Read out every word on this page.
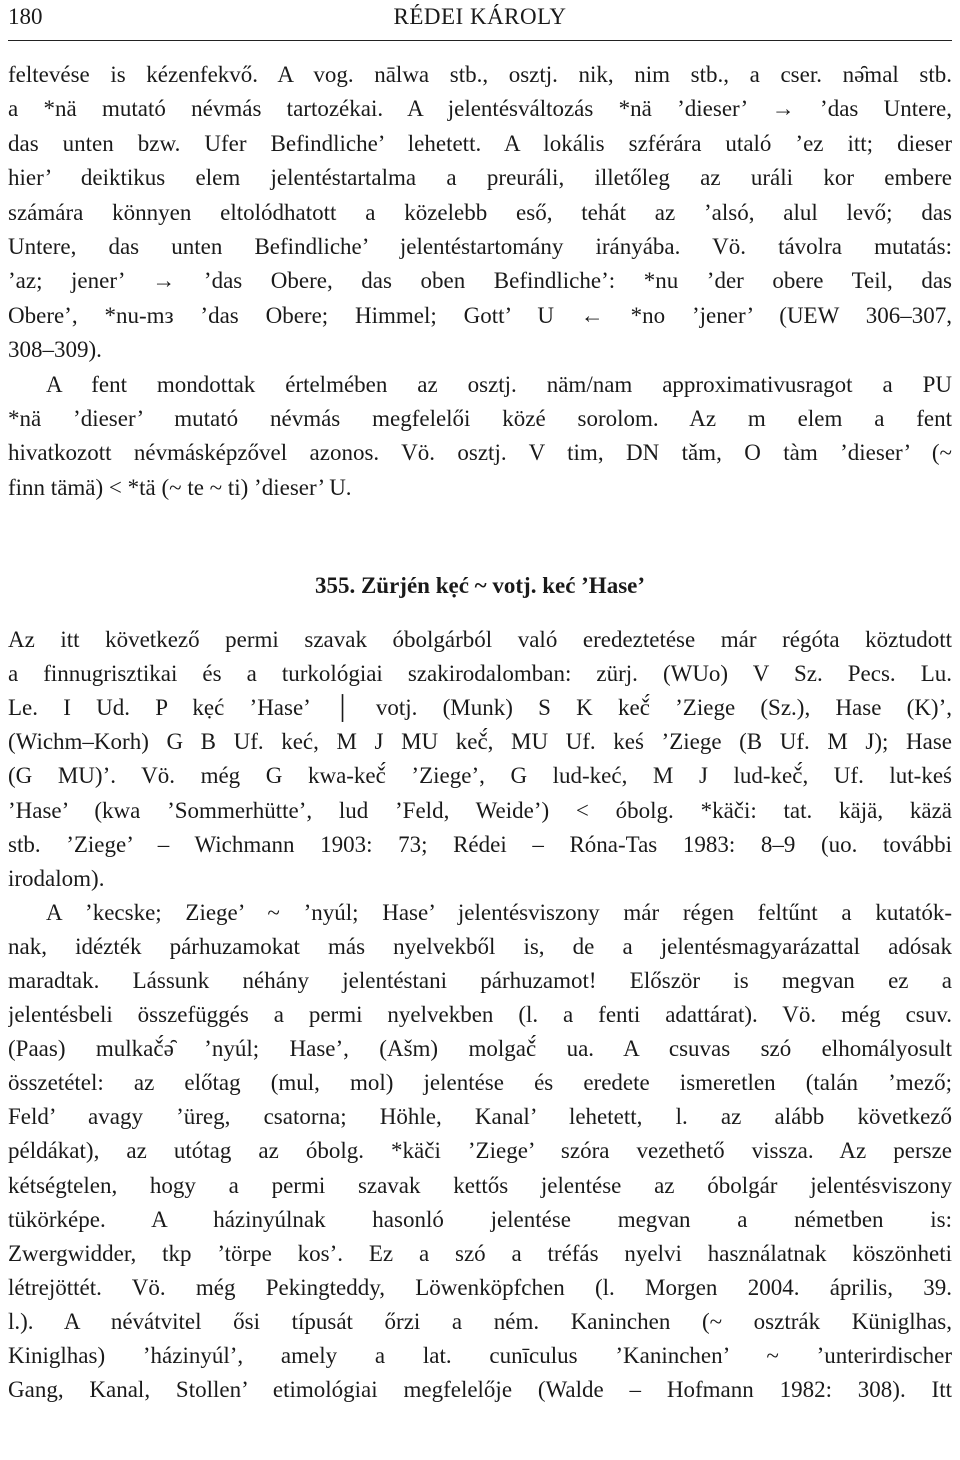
180	RÉDEI KÁROLY
feltevése is kézenfekvő. A vog. nālwa stb., osztj. nik, nim stb., a cser. nə̑mal stb.
a *nä mutató névmás tartozékai. A jelentésváltozás *nä ’dieser’ → ’das Untere,
das unten bzw. Ufer Befindliche’ lehetett. A lokális szférára utaló ’ez itt; dieser
hier’ deiktikus elem jelentéstartalma a preuráli, illetőleg az uráli kor embere
számára könnyen eltolódhatott a közelebb eső, tehát az ’alsó, alul levő; das
Untere, das unten Befindliche’ jelentéstartomány irányába. Vö. távolra mutatás:
’az; jener’ → ’das Obere, das oben Befindliche’: *nu ’der obere Teil, das
Obere’, *nu-mз ’das Obere; Himmel; Gott’ U ← *no ’jener’ (UEW 306–307,
308–309).
A fent mondottak értelmében az osztj. näm/nam approximativusragot a PU
*nä ’dieser’ mutató névmás megfelelői közé sorolom. Az m elem a fent
hivatkozott névmásképzővel azonos. Vö. osztj. V tim, DN tǎm, O tàm ’dieser’ (~
finn tämä) < *tä (~ te ~ ti) ’dieser’ U.
355. Zürjén kẹć ~ votj. keć ’Hase’
Az itt következő permi szavak óbolgárból való eredeztetése már régóta köztudott
a finnugrisztikai és a turkológiai szakirodalomban: zürj. (WUo) V Sz. Pecs. Lu.
Le. I Ud. P kẹć ’Hase’ │ votj. (Munk) S K keč́ ’Ziege (Sz.), Hase (K)’,
(Wichm–Korh) G B Uf. keć, M J MU keč́, MU Uf. keś ’Ziege (B Uf. M J); Hase
(G MU)’. Vö. még G kwa-keč́ ’Ziege’, G lud-keć, M J lud-keč́, Uf. lut-keś
’Hase’ (kwa ’Sommerhütte’, lud ’Feld, Weide’) < óbolg. *käči: tat. käjä, käzä
stb. ’Ziege’ – Wichmann 1903: 73; Rédei – Róna-Tas 1983: 8–9 (uo. további
irodalom).
A ’kecske; Ziege’ ~ ’nyúl; Hase’ jelentésviszony már régen feltűnt a kutatók-
nak, idézték párhuzamokat más nyelvekből is, de a jelentésmagyarázattal adósak
maradtak. Lássunk néhány jelentéstani párhuzamot! Először is megvan ez a
jelentésbeli összefüggés a permi nyelvekben (l. a fenti adattárat). Vö. még csuv.
(Paas) mulkač́ə̑ ’nyúl; Hase’, (Ašm) molgač́ ua. A csuvas szó elhomályosult
összetétel: az előtag (mul, mol) jelentése és eredete ismeretlen (talán ’mező;
Feld’ avagy ’üreg, csatorna; Höhle, Kanal’ lehetett, l. az alább következő
példákat), az utótag az óbolg. *käči ’Ziege’ szóra vezethető vissza. Az persze
kétségtelen, hogy a permi szavak kettős jelentése az óbolgár jelentésviszony
tükörképe. A házinyúlnak hasonló jelentése megvan a németben is:
Zwergwidder, tkp ’törpe kos’. Ez a szó a tréfás nyelvi használatnak köszönheti
létrejöttét. Vö. még Pekingteddy, Löwenköpfchen (l. Morgen 2004. április, 39.
l.). A névátvitel ősi típusát őrzi a ném. Kaninchen (~ osztrák Küniglhas,
Kiniglhas) ’házinyúl’, amely a lat. cunīculus ’Kaninchen’ ~ ’unterirdischer
Gang, Kanal, Stollen’ etimológiai megfelelője (Walde – Hofmann 1982: 308). Itt
